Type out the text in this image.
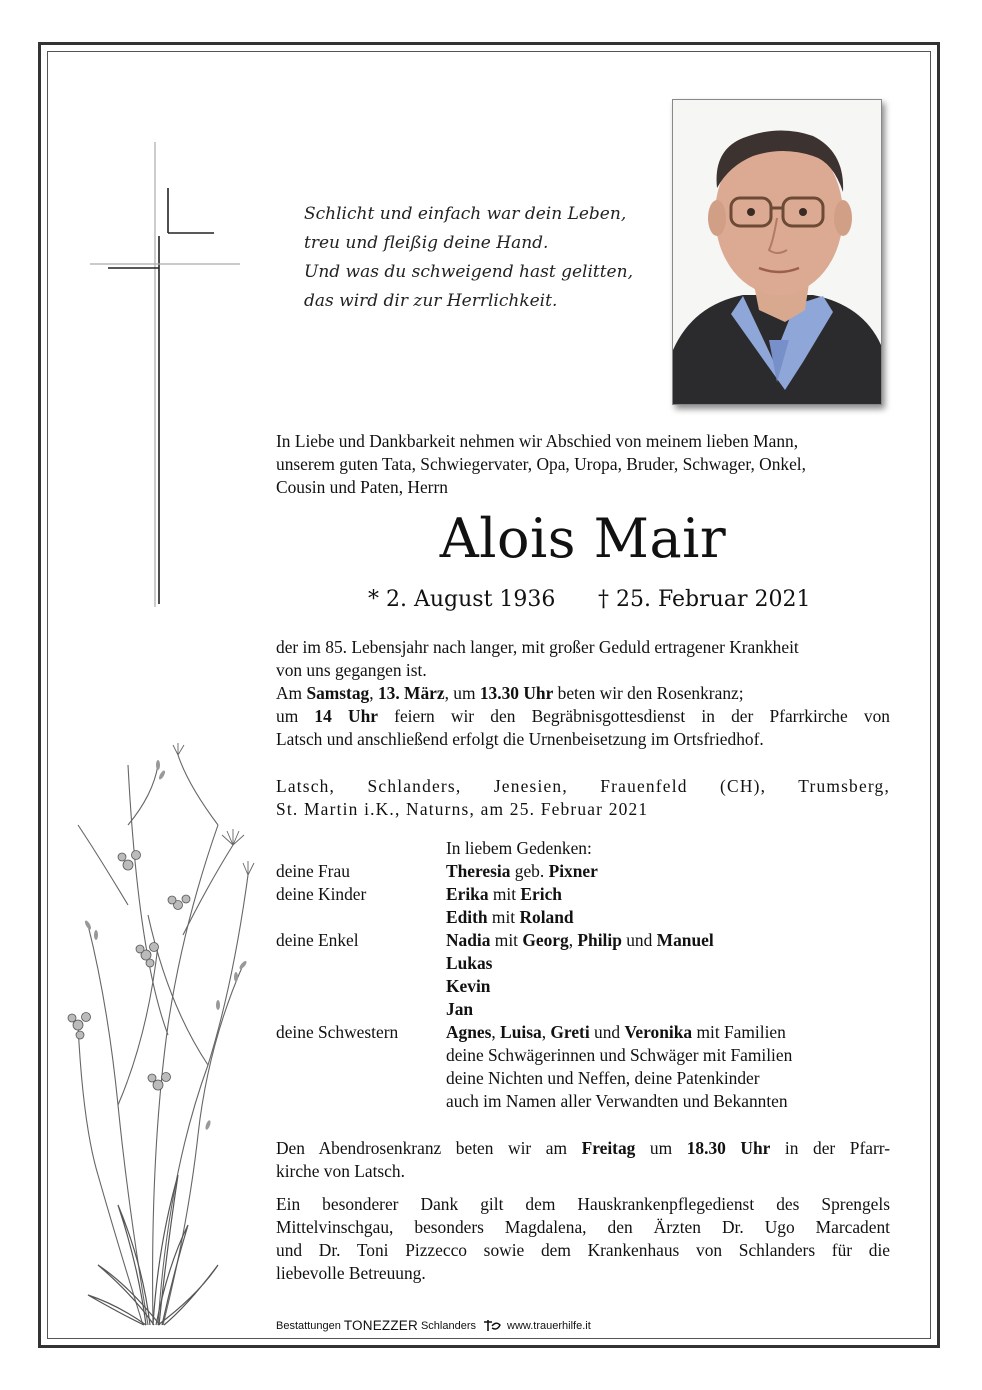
Schlicht und einfach war dein Leben,
treu und fleißig deine Hand.
Und was du schweigend hast gelitten,
das wird dir zur Herrlichkeit.
In Liebe und Dankbarkeit nehmen wir Abschied von meinem lieben Mann,
unserem guten Tata, Schwiegervater, Opa, Uropa, Bruder, Schwager, Onkel,
Cousin und Paten, Herrn
Alois Mair
* 2. August 1936 † 25. Februar 2021
der im 85. Lebensjahr nach langer, mit großer Geduld ertragener Krankheit
von uns gegangen ist.
Am Samstag, 13. März, um 13.30 Uhr beten wir den Rosenkranz;
um 14 Uhr feiern wir den Begräbnisgottesdienst in der Pfarrkirche von
Latsch und anschließend erfolgt die Urnenbeisetzung im Ortsfriedhof.
Latsch, Schlanders, Jenesien, Frauenfeld (CH), Trumsberg,
St. Martin i.K., Naturns, am 25. Februar 2021
In liebem Gedenken:
deine Frau	Theresia geb. Pixner
deine Kinder	Erika mit Erich
Edith mit Roland
deine Enkel	Nadia mit Georg, Philip und Manuel
Lukas
Kevin
Jan
deine Schwestern	Agnes, Luisa, Greti und Veronika mit Familien
deine Schwägerinnen und Schwäger mit Familien
deine Nichten und Neffen, deine Patenkinder
auch im Namen aller Verwandten und Bekannten
Den Abendrosenkranz beten wir am Freitag um 18.30 Uhr in der Pfarr-
kirche von Latsch.
Ein besonderer Dank gilt dem Hauskrankenpflegedienst des Sprengels
Mittelvinschgau, besonders Magdalena, den Ärzten Dr. Ugo Marcadent
und Dr. Toni Pizzecco sowie dem Krankenhaus von Schlanders für die
liebevolle Betreuung.
Bestattungen TONEZZER Schlanders	www.trauerhilfe.it
